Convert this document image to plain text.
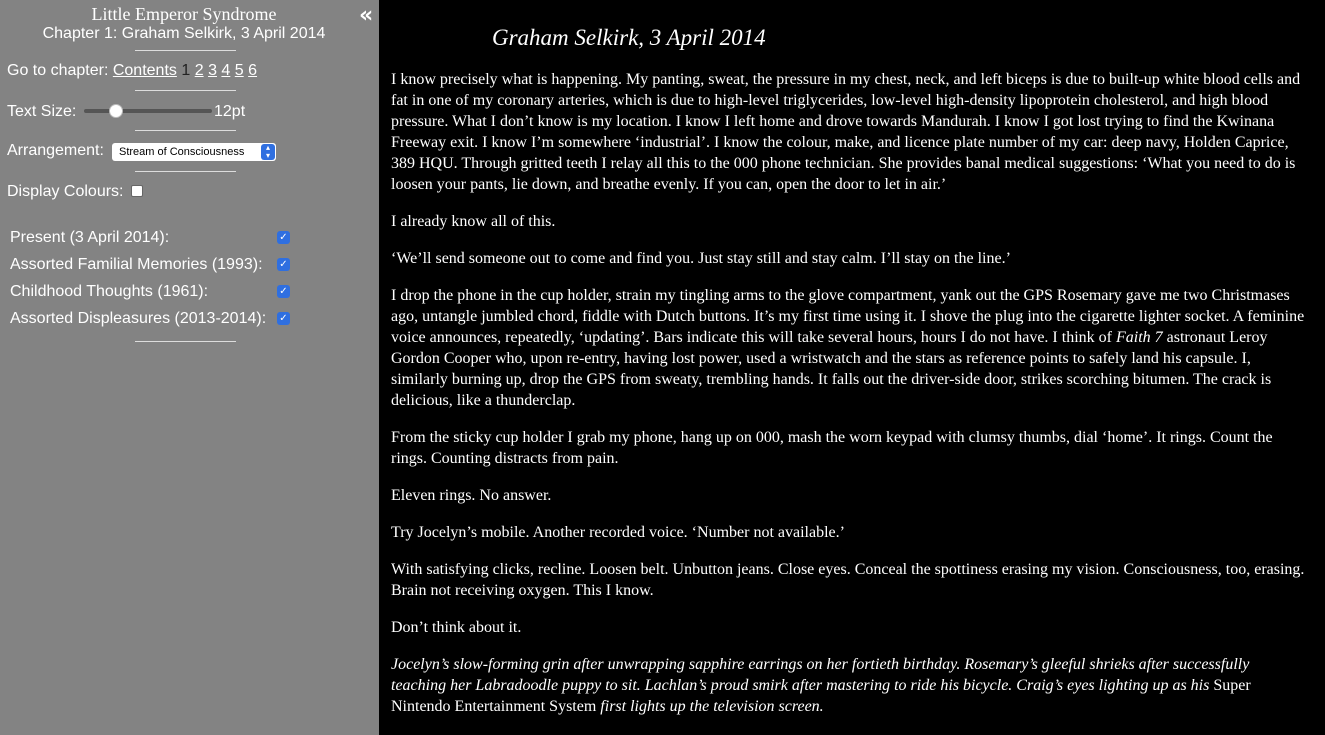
«
Little Emperor Syndrome
Chapter 1: Graham Selkirk, 3 April 2014
Go to chapter: Contents 1 2 3 4 5 6
Text Size:	12pt
Arrangement:	Stream of Consciousness	▴
▾
Display Colours:
Present (3 April 2014):	✓
Assorted Familial Memories (1993): ✓
Childhood Thoughts (1961):	✓
Assorted Displeasures (2013-2014): ✓
Graham Selkirk, 3 April 2014

I know precisely what is happening. My panting, sweat, the pressure in my chest, neck, and left biceps is due to built-up white blood cells and fat in one of my coronary arteries, which is due to high-level triglycerides, low-level high-density lipoprotein cholesterol, and high blood pressure. What I don’t know is my location. I know I left home and drove towards Mandurah. I know I got lost trying to find the Kwinana Freeway exit. I know I’m somewhere ‘industrial’. I know the colour, make, and licence plate number of my car: deep navy, Holden Caprice, 389 HQU. Through gritted teeth I relay all this to the 000 phone technician. She provides banal medical suggestions: ‘What you need to do is loosen your pants, lie down, and breathe evenly. If you can, open the door to let in air.’

I already know all of this.

‘We’ll send someone out to come and find you. Just stay still and stay calm. I’ll stay on the line.’

I drop the phone in the cup holder, strain my tingling arms to the glove compartment, yank out the GPS Rosemary gave me two Christmases ago, untangle jumbled chord, fiddle with Dutch buttons. It’s my first time using it. I shove the plug into the cigarette lighter socket. A feminine voice announces, repeatedly, ‘updating’. Bars indicate this will take several hours, hours I do not have. I think of Faith 7 astronaut Leroy Gordon Cooper who, upon re-entry, having lost power, used a wristwatch and the stars as reference points to safely land his capsule. I, similarly burning up, drop the GPS from sweaty, trembling hands. It falls out the driver-side door, strikes scorching bitumen. The crack is delicious, like a thunderclap.

From the sticky cup holder I grab my phone, hang up on 000, mash the worn keypad with clumsy thumbs, dial ‘home’. It rings. Count the rings. Counting distracts from pain.

Eleven rings. No answer.

Try Jocelyn’s mobile. Another recorded voice. ‘Number not available.’

With satisfying clicks, recline. Loosen belt. Unbutton jeans. Close eyes. Conceal the spottiness erasing my vision. Consciousness, too, erasing. Brain not receiving oxygen. This I know.

Don’t think about it.

Jocelyn’s slow-forming grin after unwrapping sapphire earrings on her fortieth birthday. Rosemary’s gleeful shrieks after successfully teaching her Labradoodle puppy to sit. Lachlan’s proud smirk after mastering to ride his bicycle. Craig’s eyes lighting up as his Super Nintendo Entertainment System first lights up the television screen.
